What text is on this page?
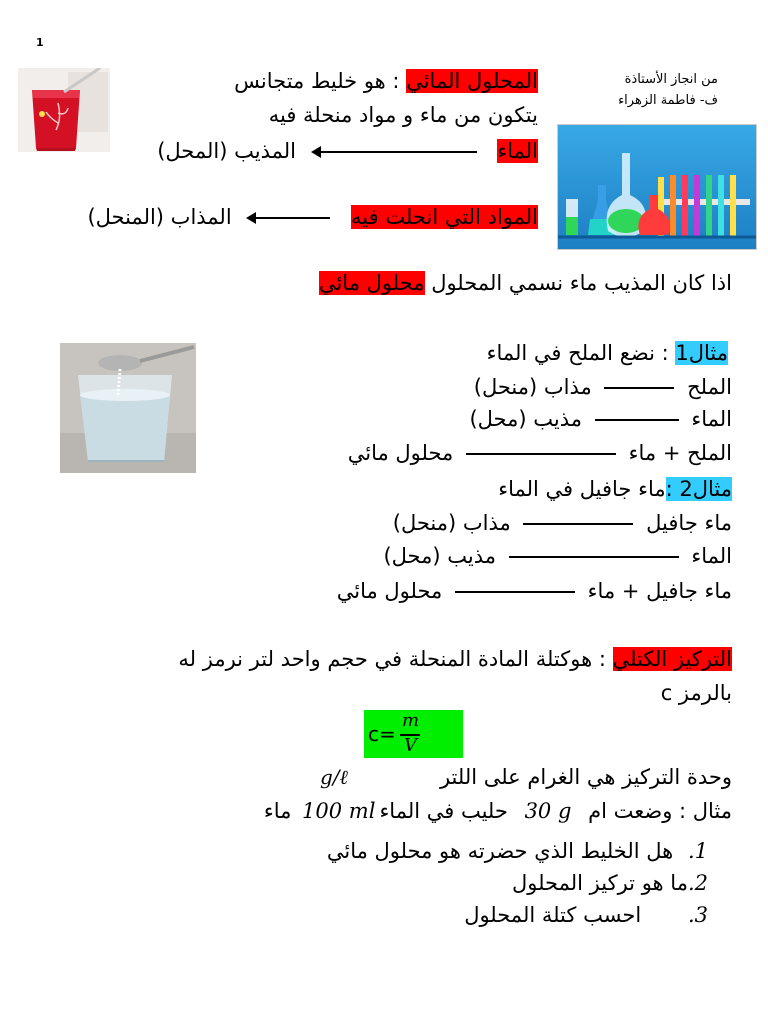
1
من انجاز الأستاذة
ف- فاطمة الزهراء
المحلول المائي : هو خليط متجانس
يتكون من ماء و مواد منحلة فيه
الماء  المذيب (المحل)
المواد التي انحلت فيه  المذاب (المنحل)
اذا كان المذيب ماء نسمي المحلول محلول مائي
مثال1 : نضع الملح في الماء
الملح  مذاب (منحل)
الماء  مذيب (محل)
الملح + ماء  محلول مائي
مثال2 :ماء جافيل في الماء
ماء جافيل  مذاب (منحل)
الماء  مذيب (محل)
ماء جافيل + ماء  محلول مائي
التركيز الكتلي : هوكتلة المادة المنحلة في حجم واحد لتر نرمز له
بالرمز c
c=
m
V
وحدة التركيز هي الغرام على اللتر
g/ℓ
مثال : وضعت ام 30 g حليب في الماء100 ml ماء
1. هل الخليط الذي حضرته هو محلول مائي
2.ما هو تركيز المحلول
3. احسب كتلة المحلول
